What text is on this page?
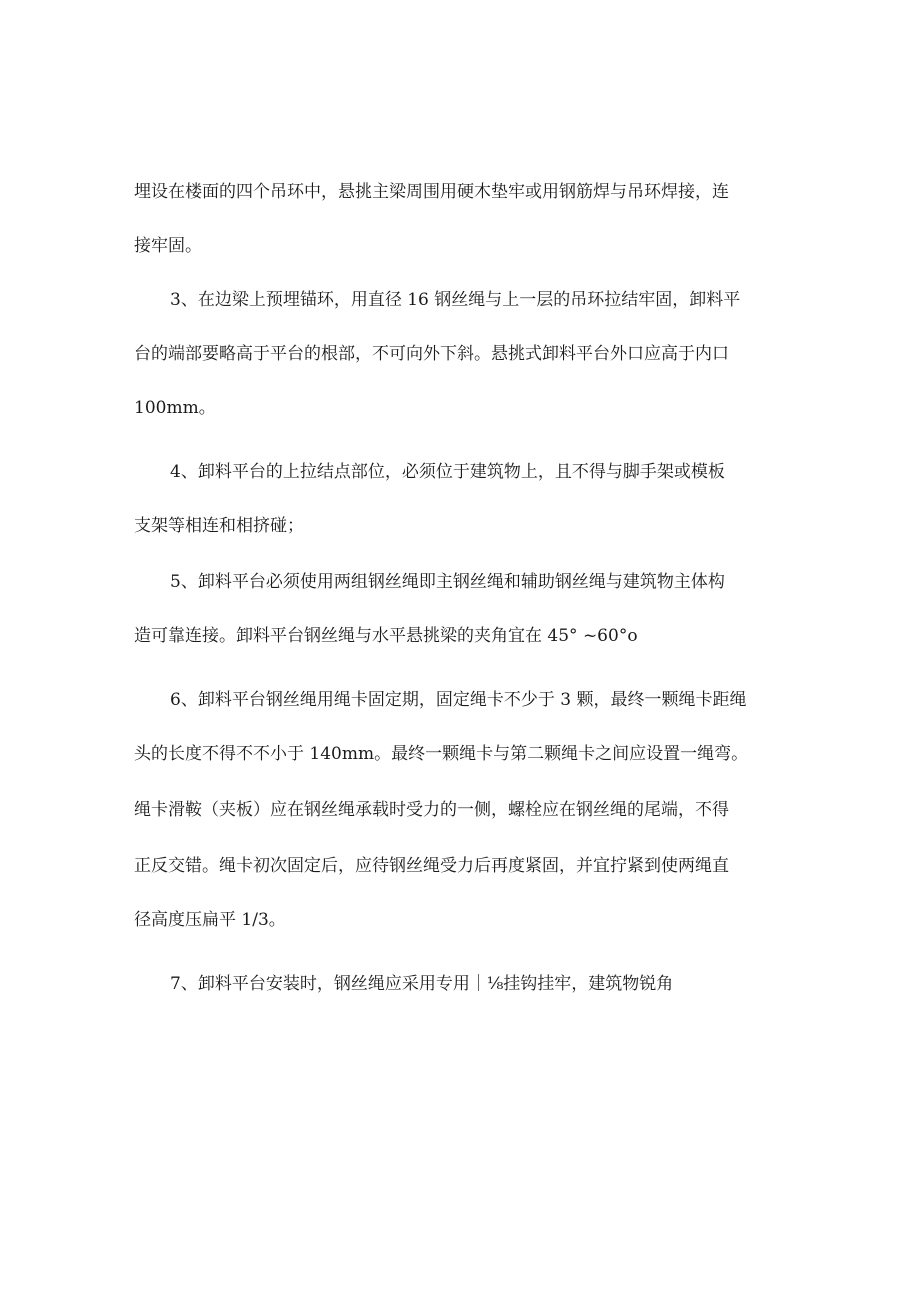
埋设在楼面的四个吊环中，悬挑主梁周围用硬木垫牢或用钢筋焊与吊环焊接，连
接牢固。
3、在边梁上预埋锚环，用直径 16 钢丝绳与上一层的吊环拉结牢固，卸料平
台的端部要略高于平台的根部，不可向外下斜。悬挑式卸料平台外口应高于内口
100mm。
4、卸料平台的上拉结点部位，必须位于建筑物上，且不得与脚手架或模板
支架等相连和相挤碰；
5、卸料平台必须使用两组钢丝绳即主钢丝绳和辅助钢丝绳与建筑物主体构
造可靠连接。卸料平台钢丝绳与水平悬挑梁的夹角宜在 45° ~60°o
6、卸料平台钢丝绳用绳卡固定期，固定绳卡不少于 3 颗，最终一颗绳卡距绳
头的长度不得不不小于 140mm。最终一颗绳卡与第二颗绳卡之间应设置一绳弯。
绳卡滑鞍（夹板）应在钢丝绳承载时受力的一侧，螺栓应在钢丝绳的尾端，不得
正反交错。绳卡初次固定后，应待钢丝绳受力后再度紧固，并宜拧紧到使两绳直
径高度压扁平 1/3。
7、卸料平台安装时，钢丝绳应采用专用｜⅛挂钩挂牢，建筑物锐角
